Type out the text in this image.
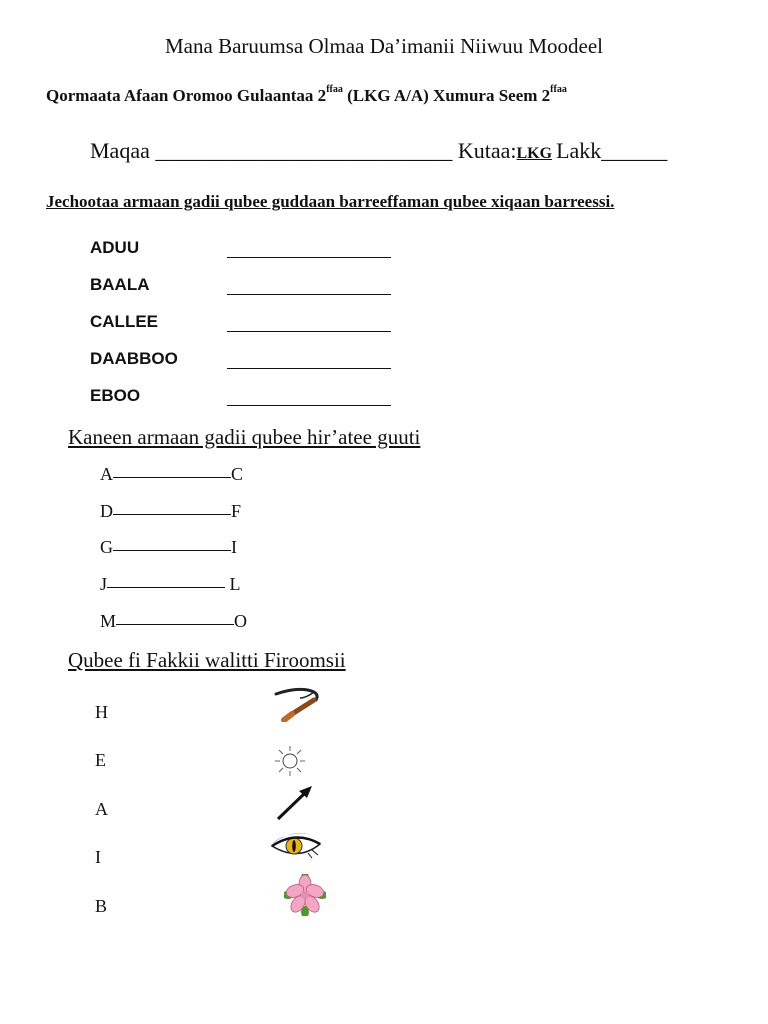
Mana Baruumsa Olmaa Da’imanii Niiwuu Moodeel
Qormaata Afaan Oromoo Gulaantaa $2^{ffaa}$ (LKG A/A) Xumura Seem $2^{ffaa}$
Maqaa ___________________________ Kutaa:LKG Lakk______
Jechootaa armaan gadii qubee guddaan barreeffaman qubee xiqaan barreessi.
ADUU
BAALA
CALLEE
DAABBOO
EBOO
Kaneen armaan gadii qubee hir’atee guuti
A	C
D	F
G	I
J	L
M	O
Qubee fi Fakkii walitti Firoomsii
H
E
A
I
B
